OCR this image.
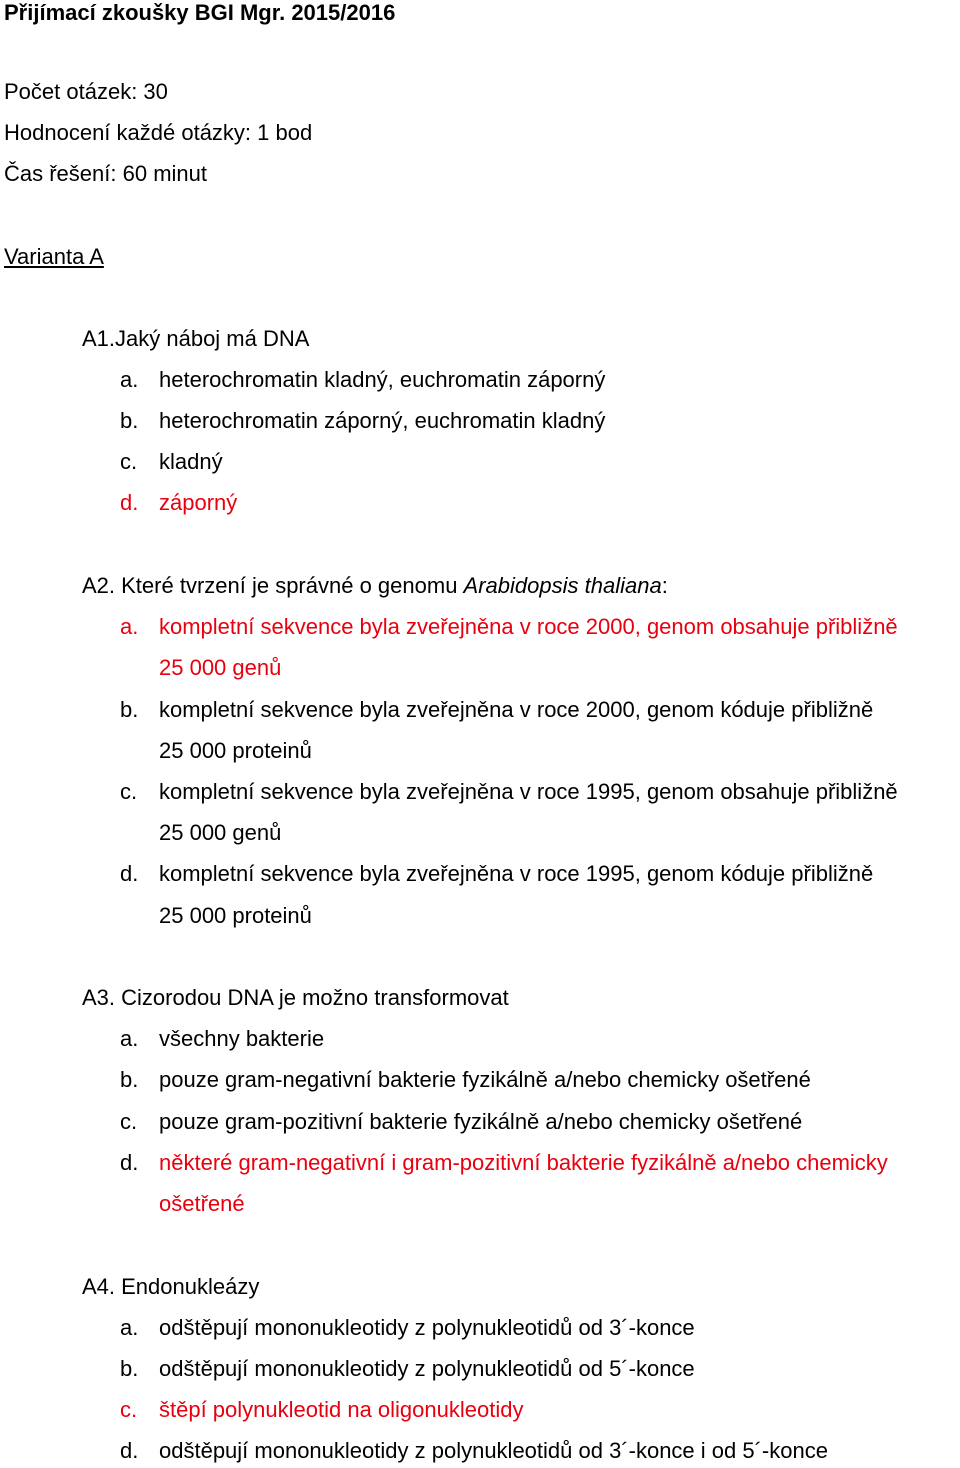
Přijímací zkoušky BGI Mgr. 2015/2016
Počet otázek: 30
Hodnocení každé otázky: 1 bod
Čas řešení: 60 minut
Varianta A
A1.Jaký náboj má DNA
a. heterochromatin kladný, euchromatin záporný
b. heterochromatin záporný, euchromatin kladný
c. kladný
d. záporný
A2. Které tvrzení je správné o genomu Arabidopsis thaliana:
a. kompletní sekvence byla zveřejněna v roce 2000, genom obsahuje přibližně
25 000 genů
b. kompletní sekvence byla zveřejněna v roce 2000, genom kóduje přibližně
25 000 proteinů
c. kompletní sekvence byla zveřejněna v roce 1995, genom obsahuje přibližně
25 000 genů
d. kompletní sekvence byla zveřejněna v roce 1995, genom kóduje přibližně
25 000 proteinů
A3. Cizorodou DNA je možno transformovat
a. všechny bakterie
b. pouze gram-negativní bakterie fyzikálně a/nebo chemicky ošetřené
c. pouze gram-pozitivní bakterie fyzikálně a/nebo chemicky ošetřené
d. některé gram-negativní i gram-pozitivní bakterie fyzikálně a/nebo chemicky
ošetřené
A4. Endonukleázy
a. odštěpují mononukleotidy z polynukleotidů od 3´-konce
b. odštěpují mononukleotidy z polynukleotidů od 5´-konce
c. štěpí polynukleotid na oligonukleotidy
d. odštěpují mononukleotidy z polynukleotidů od 3´-konce i od 5´-konce
